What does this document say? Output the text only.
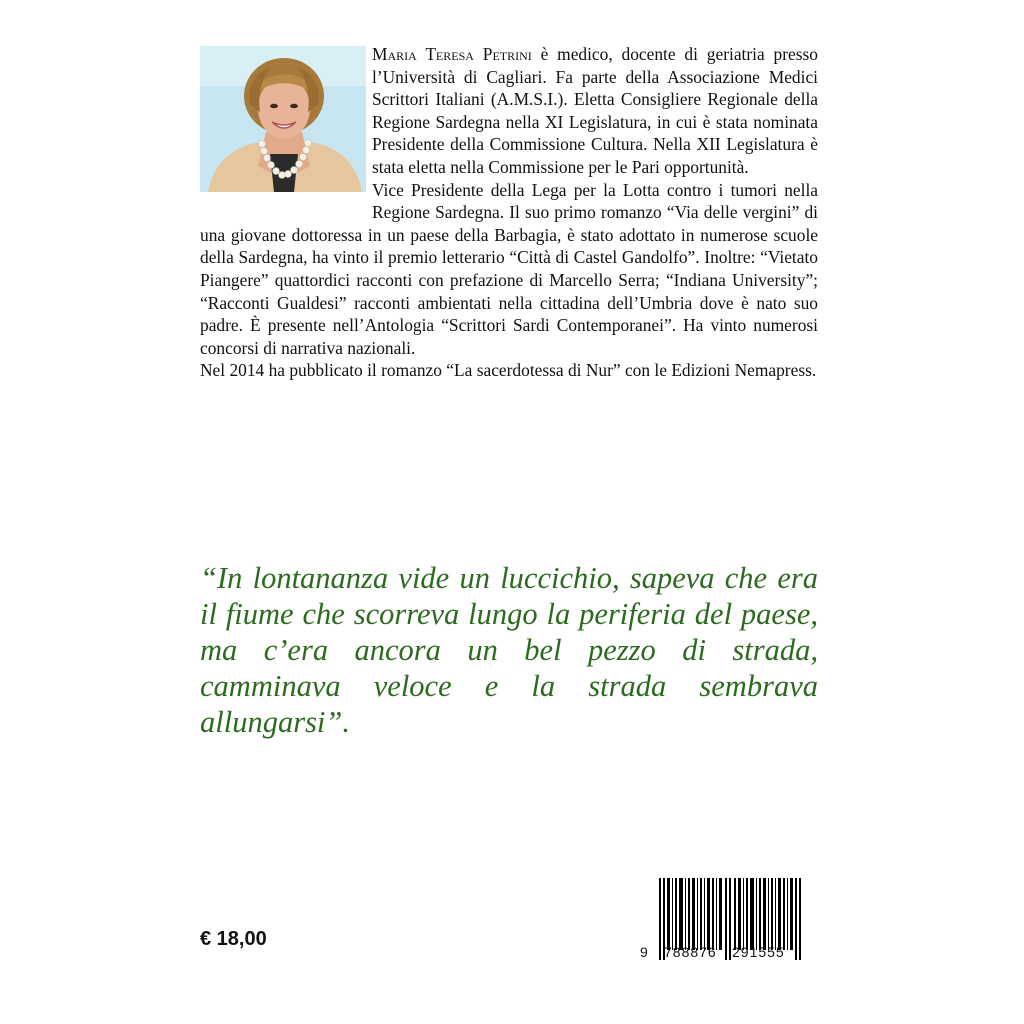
Maria Teresa Petrini è medico, docente di geriatria presso l’Università di Cagliari. Fa parte della Associazione Medici Scrittori Italiani (A.M.S.I.). Eletta Consigliere Regionale della Regione Sardegna nella XI Legislatura, in cui è stata nominata Presidente della Commissione Cultura. Nella XII Legislatura è stata eletta nella Commissione per le Pari opportunità.

Vice Presidente della Lega per la Lotta contro i tumori nella Regione Sardegna. Il suo primo romanzo “Via delle vergini” di una giovane dottoressa in un paese della Barbagia, è stato adottato in numerose scuole della Sardegna, ha vinto il premio letterario “Città di Castel Gandolfo”. Inoltre: “Vietato Piangere” quattordici racconti con prefazione di Marcello Serra; “Indiana University”; “Racconti Gualdesi” racconti ambientati nella cittadina dell’Umbria dove è nato suo padre. È presente nell’Antologia “Scrittori Sardi Contemporanei”. Ha vinto numerosi concorsi di narrativa nazionali.

Nel 2014 ha pubblicato il romanzo “La sacerdotessa di Nur” con le Edizioni Nemapress.

“In lontananza vide un luccichio, sapeva che era il fiume che scorreva lungo la periferia del paese, ma c’era ancora un bel pezzo di strada, camminava veloce e la strada sembrava allungarsi”.
€ 18,00
9 788876 291555
